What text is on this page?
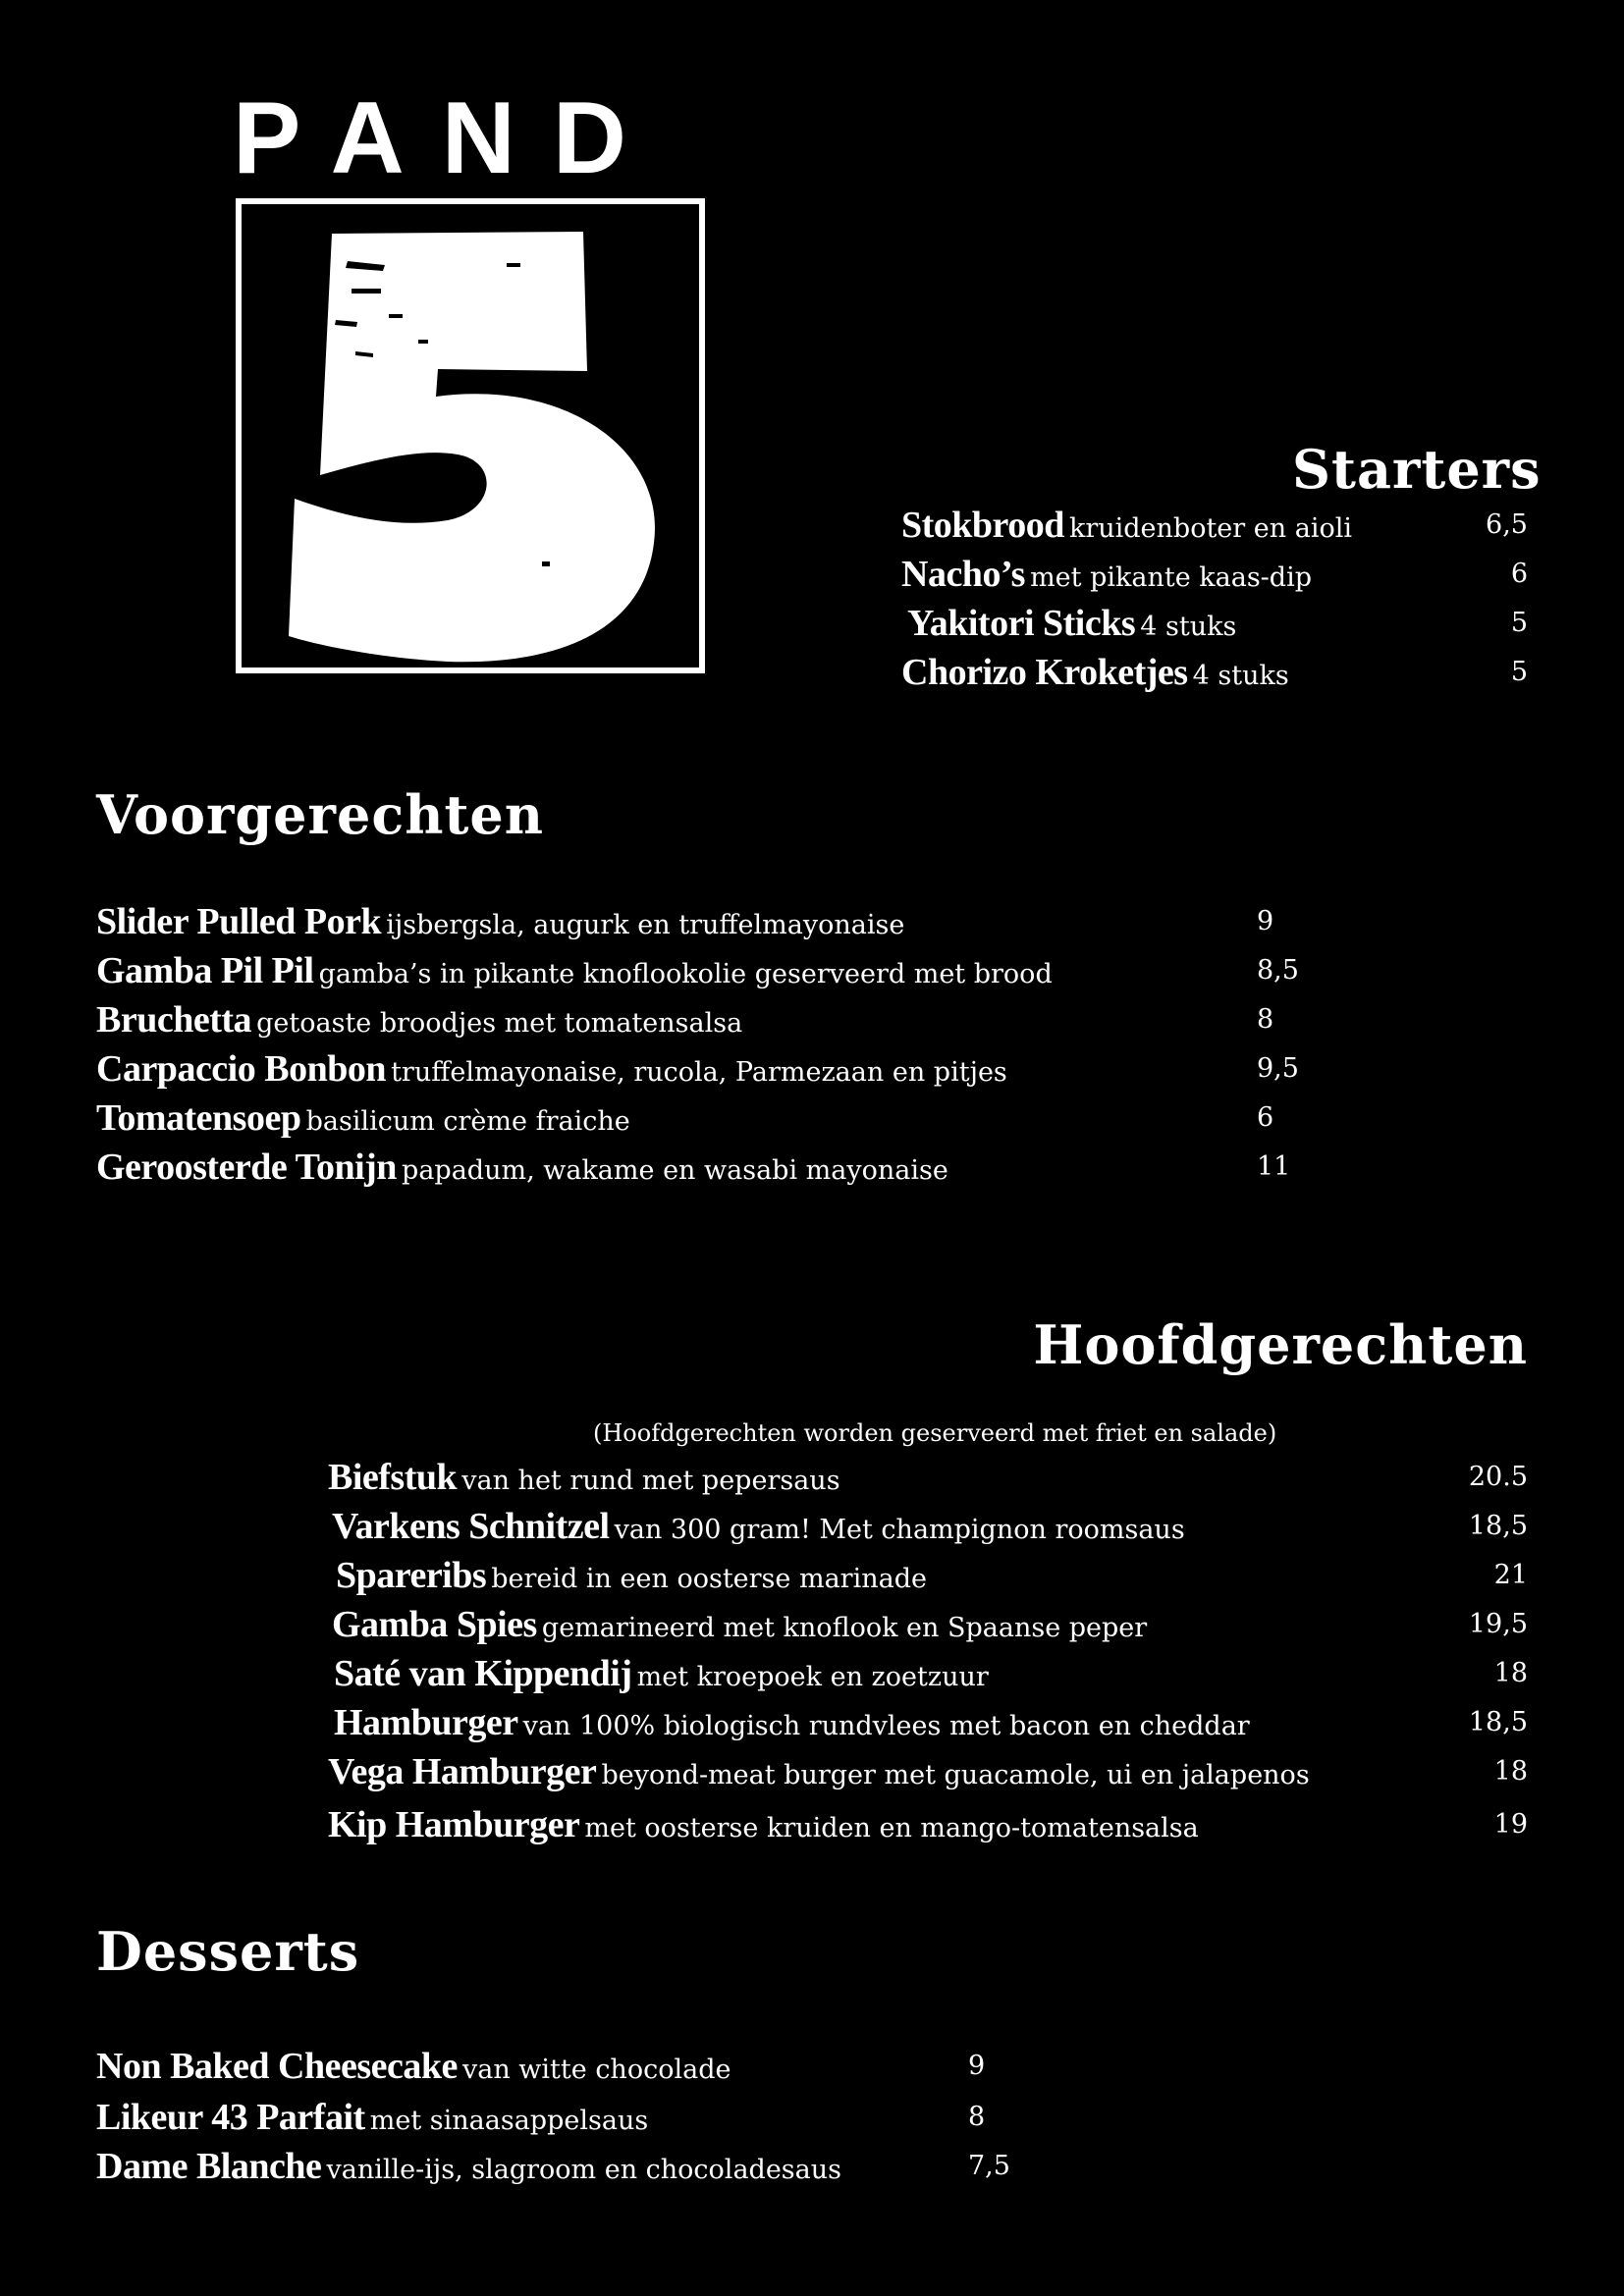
PAND
Starters
Stokbrood kruidenboter en aioli	6,5
Nacho’s met pikante kaas-dip	6
Yakitori Sticks 4 stuks	5
Chorizo Kroketjes 4 stuks	5
Voorgerechten
Slider Pulled Pork ijsbergsla, augurk en truffelmayonaise	9
Gamba Pil Pil gamba’s in pikante knoflookolie geserveerd met brood	8,5
Bruchetta getoaste broodjes met tomatensalsa	8
Carpaccio Bonbon truffelmayonaise, rucola, Parmezaan en pitjes	9,5
Tomatensoep basilicum crème fraiche	6
Geroosterde Tonijn papadum, wakame en wasabi mayonaise	11
Hoofdgerechten
(Hoofdgerechten worden geserveerd met friet en salade)
Biefstuk van het rund met pepersaus	20.5
Varkens Schnitzel van 300 gram! Met champignon roomsaus	18,5
Spareribs bereid in een oosterse marinade	21
Gamba Spies gemarineerd met knoflook en Spaanse peper	19,5
Saté van Kippendij met kroepoek en zoetzuur	18
Hamburger van 100% biologisch rundvlees met bacon en cheddar	18,5
Vega Hamburger beyond-meat burger met guacamole, ui en jalapenos	18
Kip Hamburger met oosterse kruiden en mango-tomatensalsa	19
Desserts
Non Baked Cheesecake van witte chocolade	9
Likeur 43 Parfait met sinaasappelsaus	8
Dame Blanche vanille-ijs, slagroom en chocoladesaus	7,5
